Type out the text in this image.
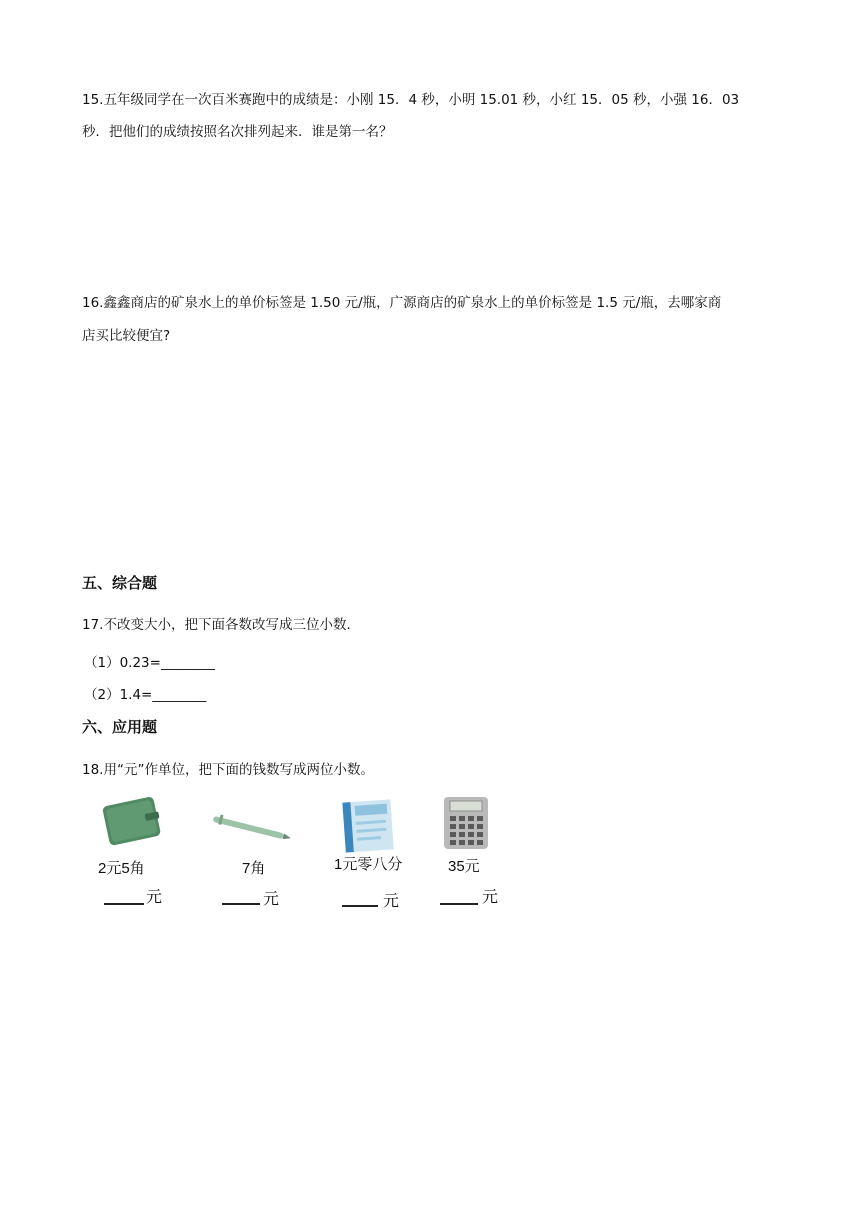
15.五年级同学在一次百米赛跑中的成绩是：小刚 15．4 秒，小明 15.01 秒，小红 15．05 秒，小强 16．03

秒．把他们的成绩按照名次排列起来．谁是第一名？

16.鑫鑫商店的矿泉水上的单价标签是 1.50 元/瓶，广源商店的矿泉水上的单价标签是 1.5 元/瓶，去哪家商

店买比较便宜?

五、综合题

17.不改变大小，把下面各数改写成三位小数．

（1）0.23=________

（2）1.4=________

六、应用题

18.用“元”作单位，把下面的钱数写成两位小数。

2元5角
元
7角
元
1元零八分
元
35元
元
